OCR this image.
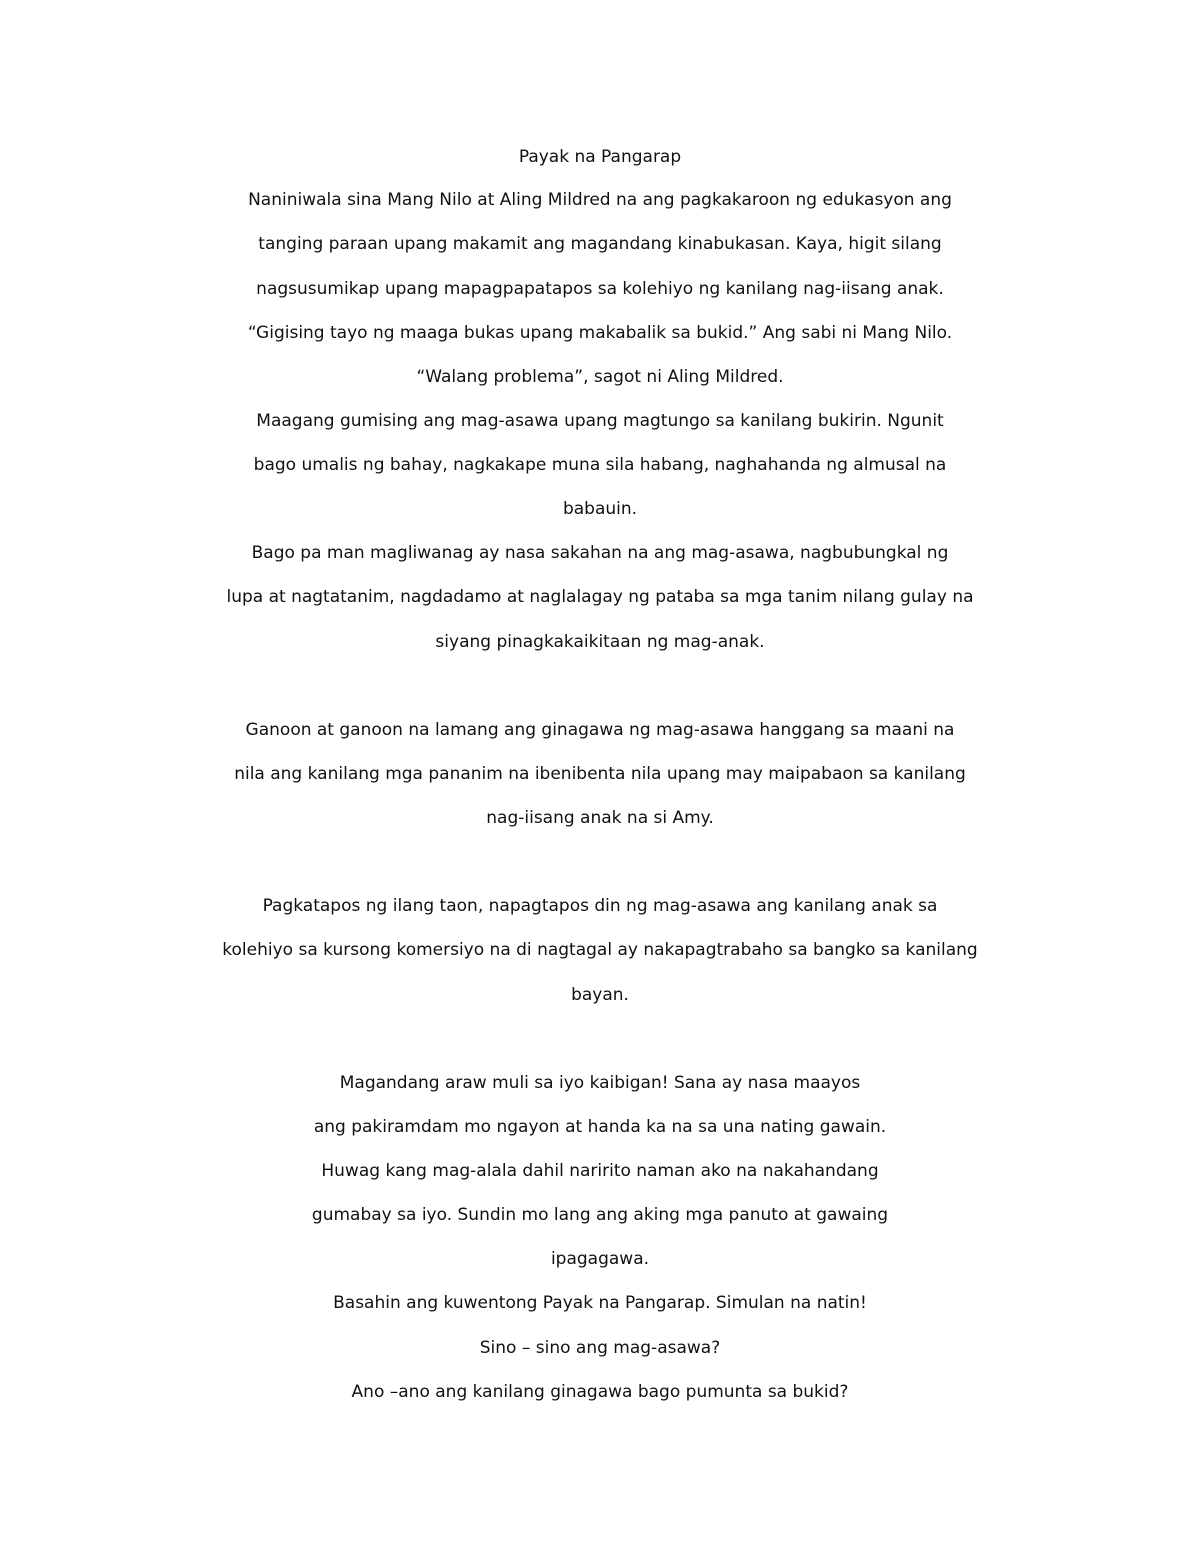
Payak na Pangarap
Naniniwala sina Mang Nilo at Aling Mildred na ang pagkakaroon ng edukasyon ang
tanging paraan upang makamit ang magandang kinabukasan. Kaya, higit silang
nagsusumikap upang mapagpapatapos sa kolehiyo ng kanilang nag-iisang anak.
“Gigising tayo ng maaga bukas upang makabalik sa bukid.” Ang sabi ni Mang Nilo.
“Walang problema”, sagot ni Aling Mildred.
Maagang gumising ang mag-asawa upang magtungo sa kanilang bukirin. Ngunit
bago umalis ng bahay, nagkakape muna sila habang, naghahanda ng almusal na
babauin.
Bago pa man magliwanag ay nasa sakahan na ang mag-asawa, nagbubungkal ng
lupa at nagtatanim, nagdadamo at naglalagay ng pataba sa mga tanim nilang gulay na
siyang pinagkakaikitaan ng mag-anak.
Ganoon at ganoon na lamang ang ginagawa ng mag-asawa hanggang sa maani na
nila ang kanilang mga pananim na ibenibenta nila upang may maipabaon sa kanilang
nag-iisang anak na si Amy.
Pagkatapos ng ilang taon, napagtapos din ng mag-asawa ang kanilang anak sa
kolehiyo sa kursong komersiyo na di nagtagal ay nakapagtrabaho sa bangko sa kanilang
bayan.
Magandang araw muli sa iyo kaibigan! Sana ay nasa maayos
ang pakiramdam mo ngayon at handa ka na sa una nating gawain.
Huwag kang mag-alala dahil naririto naman ako na nakahandang
gumabay sa iyo. Sundin mo lang ang aking mga panuto at gawaing
ipagagawa.
Basahin ang kuwentong Payak na Pangarap. Simulan na natin!
Sino – sino ang mag-asawa?
Ano –ano ang kanilang ginagawa bago pumunta sa bukid?
